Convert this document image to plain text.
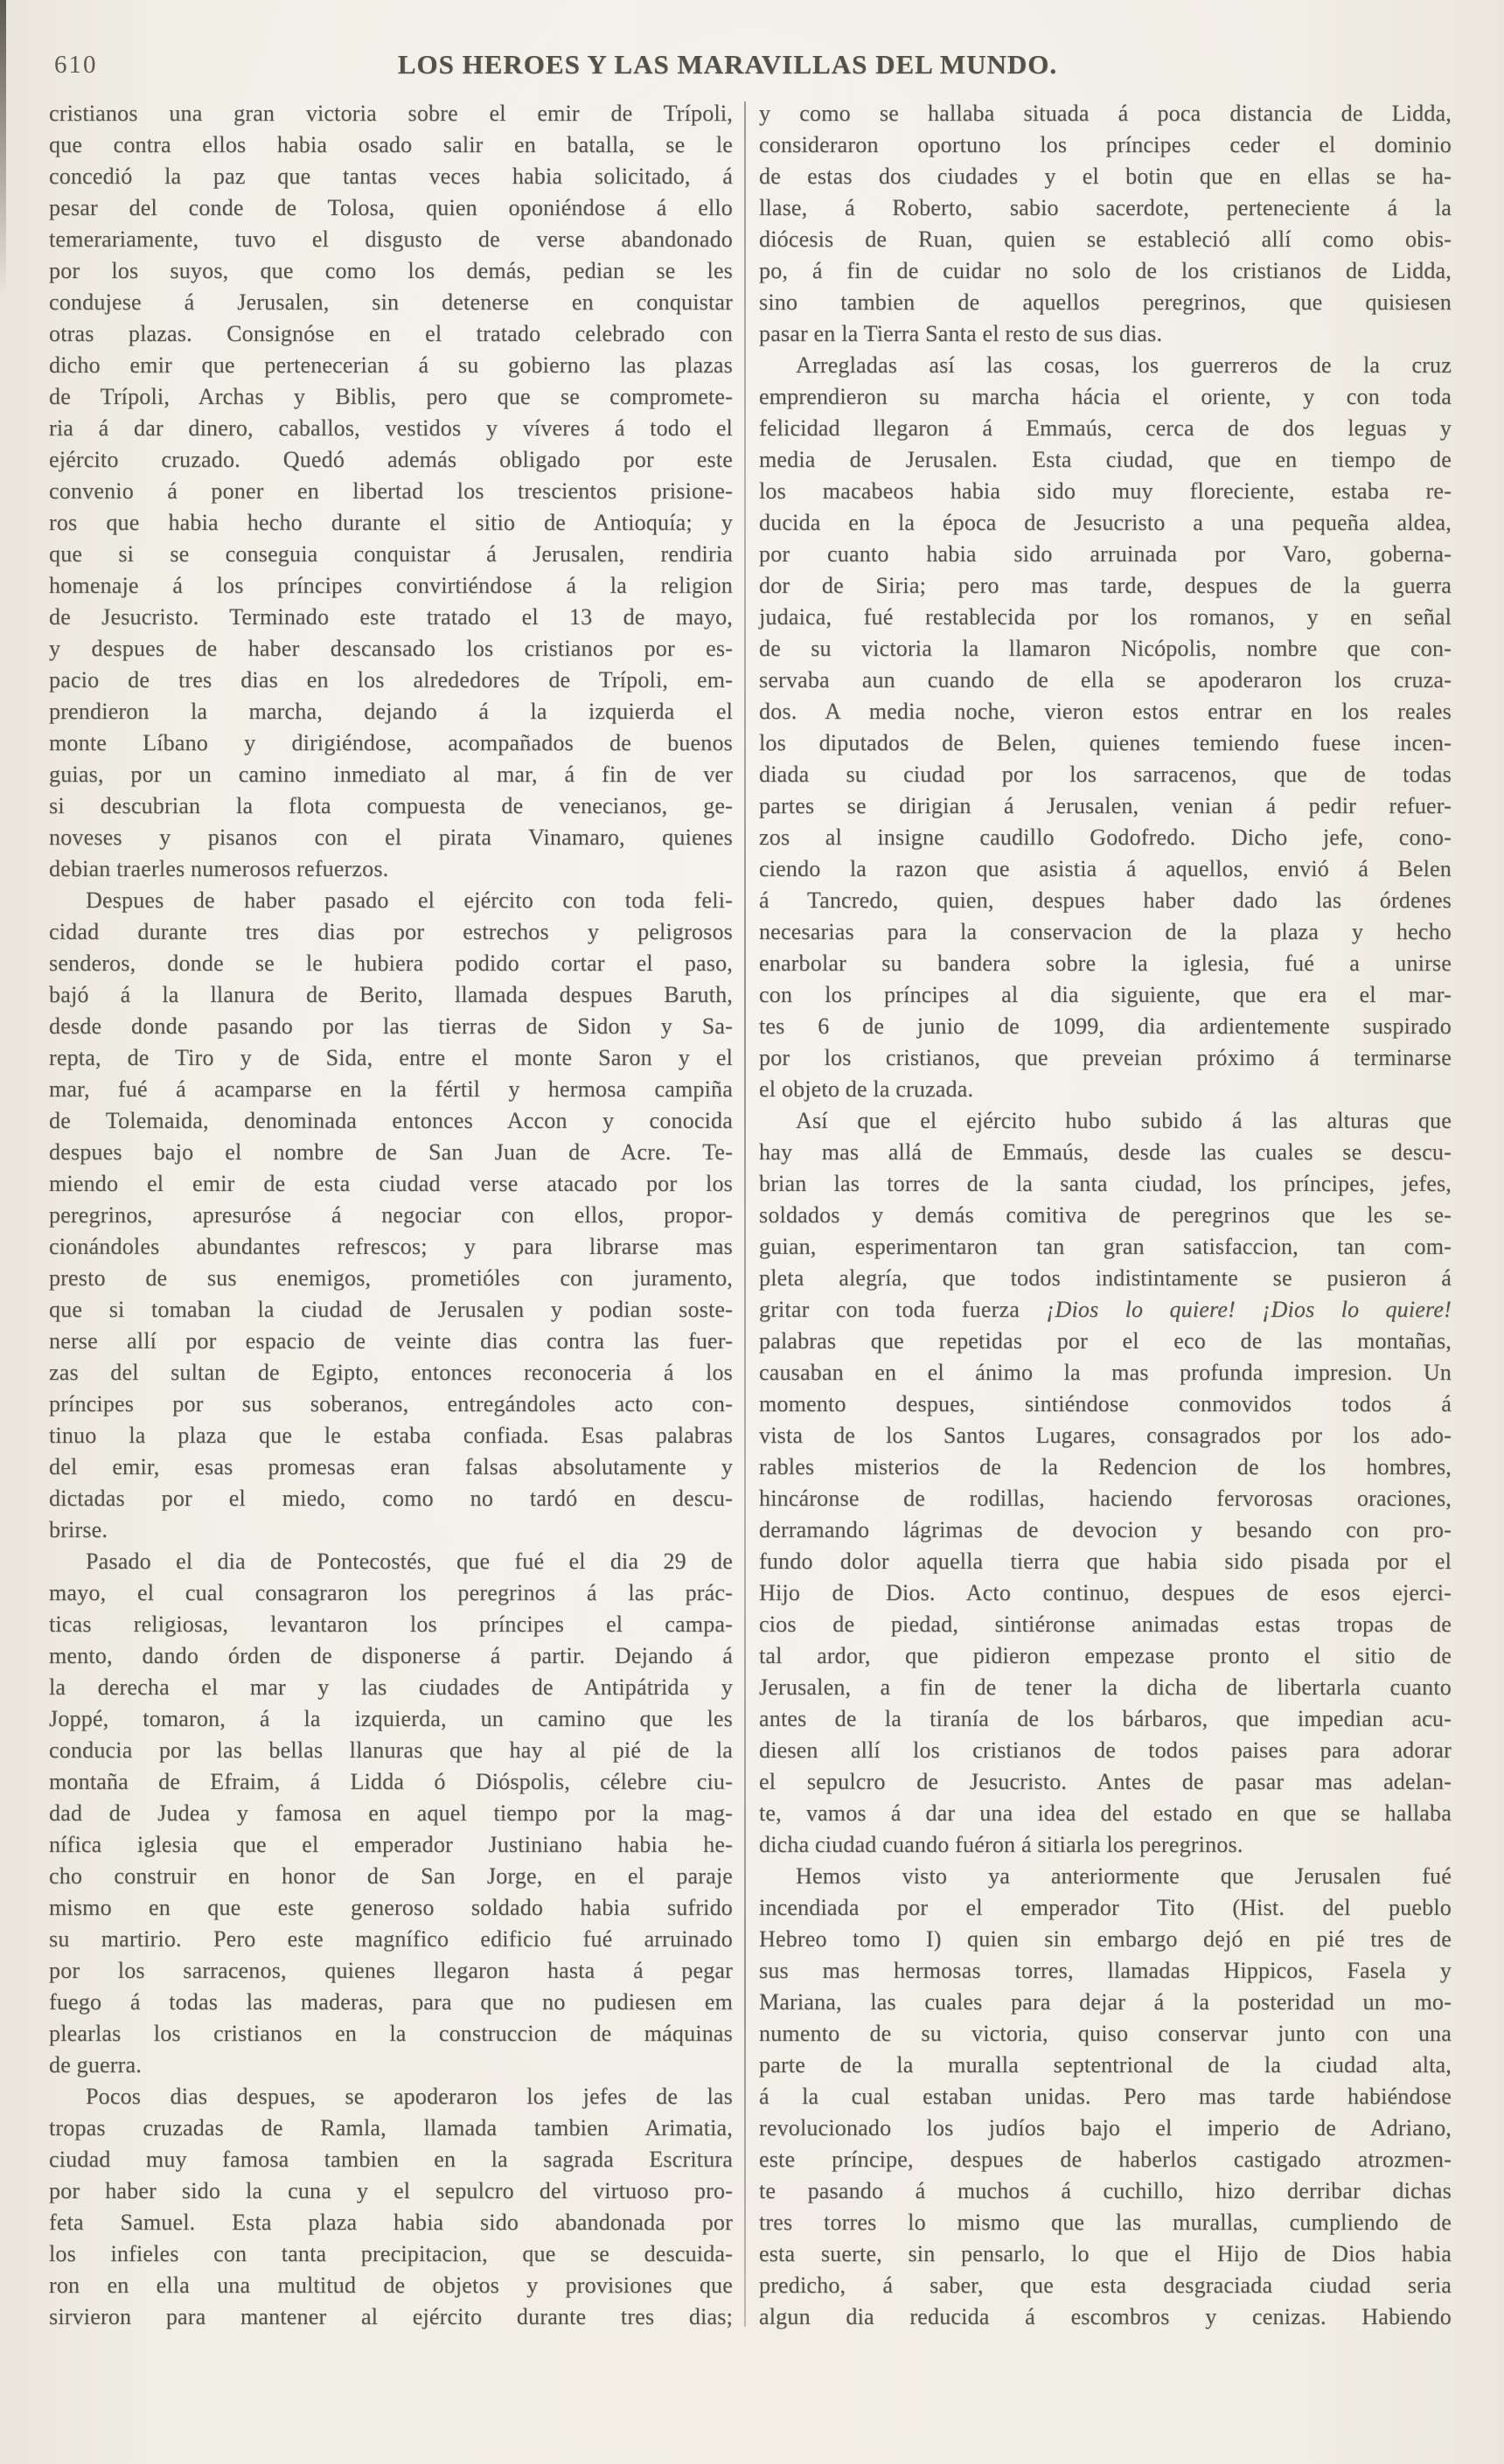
610	LOS HEROES Y LAS MARAVILLAS DEL MUNDO.
cristianos una gran victoria sobre el emir de Trípoli,
que contra ellos habia osado salir en batalla, se le
concedió la paz que tantas veces habia solicitado, á
pesar del conde de Tolosa, quien oponiéndose á ello
temerariamente, tuvo el disgusto de verse abandonado
por los suyos, que como los demás, pedian se les
condujese á Jerusalen, sin detenerse en conquistar
otras plazas. Consignóse en el tratado celebrado con
dicho emir que pertenecerian á su gobierno las plazas
de Trípoli, Archas y Biblis, pero que se compromete-
ria á dar dinero, caballos, vestidos y víveres á todo el
ejército cruzado. Quedó además obligado por este
convenio á poner en libertad los trescientos prisione-
ros que habia hecho durante el sitio de Antioquía; y
que si se conseguia conquistar á Jerusalen, rendiria
homenaje á los príncipes convirtiéndose á la religion
de Jesucristo. Terminado este tratado el 13 de mayo,
y despues de haber descansado los cristianos por es-
pacio de tres dias en los alrededores de Trípoli, em-
prendieron la marcha, dejando á la izquierda el
monte Líbano y dirigiéndose, acompañados de buenos
guias, por un camino inmediato al mar, á fin de ver
si descubrian la flota compuesta de venecianos, ge-
noveses y pisanos con el pirata Vinamaro, quienes
debian traerles numerosos refuerzos.
Despues de haber pasado el ejército con toda feli-
cidad durante tres dias por estrechos y peligrosos
senderos, donde se le hubiera podido cortar el paso,
bajó á la llanura de Berito, llamada despues Baruth,
desde donde pasando por las tierras de Sidon y Sa-
repta, de Tiro y de Sida, entre el monte Saron y el
mar, fué á acamparse en la fértil y hermosa campiña
de Tolemaida, denominada entonces Accon y conocida
despues bajo el nombre de San Juan de Acre. Te-
miendo el emir de esta ciudad verse atacado por los
peregrinos, apresuróse á negociar con ellos, propor-
cionándoles abundantes refrescos; y para librarse mas
presto de sus enemigos, prometióles con juramento,
que si tomaban la ciudad de Jerusalen y podian soste-
nerse allí por espacio de veinte dias contra las fuer-
zas del sultan de Egipto, entonces reconoceria á los
príncipes por sus soberanos, entregándoles acto con-
tinuo la plaza que le estaba confiada. Esas palabras
del emir, esas promesas eran falsas absolutamente y
dictadas por el miedo, como no tardó en descu-
brirse.
Pasado el dia de Pontecostés, que fué el dia 29 de
mayo, el cual consagraron los peregrinos á las prác-
ticas religiosas, levantaron los príncipes el campa-
mento, dando órden de disponerse á partir. Dejando á
la derecha el mar y las ciudades de Antipátrida y
Joppé, tomaron, á la izquierda, un camino que les
conducia por las bellas llanuras que hay al pié de la
montaña de Efraim, á Lidda ó Dióspolis, célebre ciu-
dad de Judea y famosa en aquel tiempo por la mag-
nífica iglesia que el emperador Justiniano habia he-
cho construir en honor de San Jorge, en el paraje
mismo en que este generoso soldado habia sufrido
su martirio. Pero este magnífico edificio fué arruinado
por los sarracenos, quienes llegaron hasta á pegar
fuego á todas las maderas, para que no pudiesen em
plearlas los cristianos en la construccion de máquinas
de guerra.
Pocos dias despues, se apoderaron los jefes de las
tropas cruzadas de Ramla, llamada tambien Arimatia,
ciudad muy famosa tambien en la sagrada Escritura
por haber sido la cuna y el sepulcro del virtuoso pro-
feta Samuel. Esta plaza habia sido abandonada por
los infieles con tanta precipitacion, que se descuida-
ron en ella una multitud de objetos y provisiones que
sirvieron para mantener al ejército durante tres dias;
y como se hallaba situada á poca distancia de Lidda,
consideraron oportuno los príncipes ceder el dominio
de estas dos ciudades y el botin que en ellas se ha-
llase, á Roberto, sabio sacerdote, perteneciente á la
diócesis de Ruan, quien se estableció allí como obis-
po, á fin de cuidar no solo de los cristianos de Lidda,
sino tambien de aquellos peregrinos, que quisiesen
pasar en la Tierra Santa el resto de sus dias.
Arregladas así las cosas, los guerreros de la cruz
emprendieron su marcha hácia el oriente, y con toda
felicidad llegaron á Emmaús, cerca de dos leguas y
media de Jerusalen. Esta ciudad, que en tiempo de
los macabeos habia sido muy floreciente, estaba re-
ducida en la época de Jesucristo a una pequeña aldea,
por cuanto habia sido arruinada por Varo, goberna-
dor de Siria; pero mas tarde, despues de la guerra
judaica, fué restablecida por los romanos, y en señal
de su victoria la llamaron Nicópolis, nombre que con-
servaba aun cuando de ella se apoderaron los cruza-
dos. A media noche, vieron estos entrar en los reales
los diputados de Belen, quienes temiendo fuese incen-
diada su ciudad por los sarracenos, que de todas
partes se dirigian á Jerusalen, venian á pedir refuer-
zos al insigne caudillo Godofredo. Dicho jefe, cono-
ciendo la razon que asistia á aquellos, envió á Belen
á Tancredo, quien, despues haber dado las órdenes
necesarias para la conservacion de la plaza y hecho
enarbolar su bandera sobre la iglesia, fué a unirse
con los príncipes al dia siguiente, que era el mar-
tes 6 de junio de 1099, dia ardientemente suspirado
por los cristianos, que preveian próximo á terminarse
el objeto de la cruzada.
Así que el ejército hubo subido á las alturas que
hay mas allá de Emmaús, desde las cuales se descu-
brian las torres de la santa ciudad, los príncipes, jefes,
soldados y demás comitiva de peregrinos que les se-
guian, esperimentaron tan gran satisfaccion, tan com-
pleta alegría, que todos indistintamente se pusieron á
gritar con toda fuerza ¡Dios lo quiere! ¡Dios lo quiere!
palabras que repetidas por el eco de las montañas,
causaban en el ánimo la mas profunda impresion. Un
momento despues, sintiéndose conmovidos todos á
vista de los Santos Lugares, consagrados por los ado-
rables misterios de la Redencion de los hombres,
hincáronse de rodillas, haciendo fervorosas oraciones,
derramando lágrimas de devocion y besando con pro-
fundo dolor aquella tierra que habia sido pisada por el
Hijo de Dios. Acto continuo, despues de esos ejerci-
cios de piedad, sintiéronse animadas estas tropas de
tal ardor, que pidieron empezase pronto el sitio de
Jerusalen, a fin de tener la dicha de libertarla cuanto
antes de la tiranía de los bárbaros, que impedian acu-
diesen allí los cristianos de todos paises para adorar
el sepulcro de Jesucristo. Antes de pasar mas adelan-
te, vamos á dar una idea del estado en que se hallaba
dicha ciudad cuando fuéron á sitiarla los peregrinos.
Hemos visto ya anteriormente que Jerusalen fué
incendiada por el emperador Tito (Hist. del pueblo
Hebreo tomo I) quien sin embargo dejó en pié tres de
sus mas hermosas torres, llamadas Hippicos, Fasela y
Mariana, las cuales para dejar á la posteridad un mo-
numento de su victoria, quiso conservar junto con una
parte de la muralla septentrional de la ciudad alta,
á la cual estaban unidas. Pero mas tarde habiéndose
revolucionado los judíos bajo el imperio de Adriano,
este príncipe, despues de haberlos castigado atrozmen-
te pasando á muchos á cuchillo, hizo derribar dichas
tres torres lo mismo que las murallas, cumpliendo de
esta suerte, sin pensarlo, lo que el Hijo de Dios habia
predicho, á saber, que esta desgraciada ciudad seria
algun dia reducida á escombros y cenizas. Habiendo
